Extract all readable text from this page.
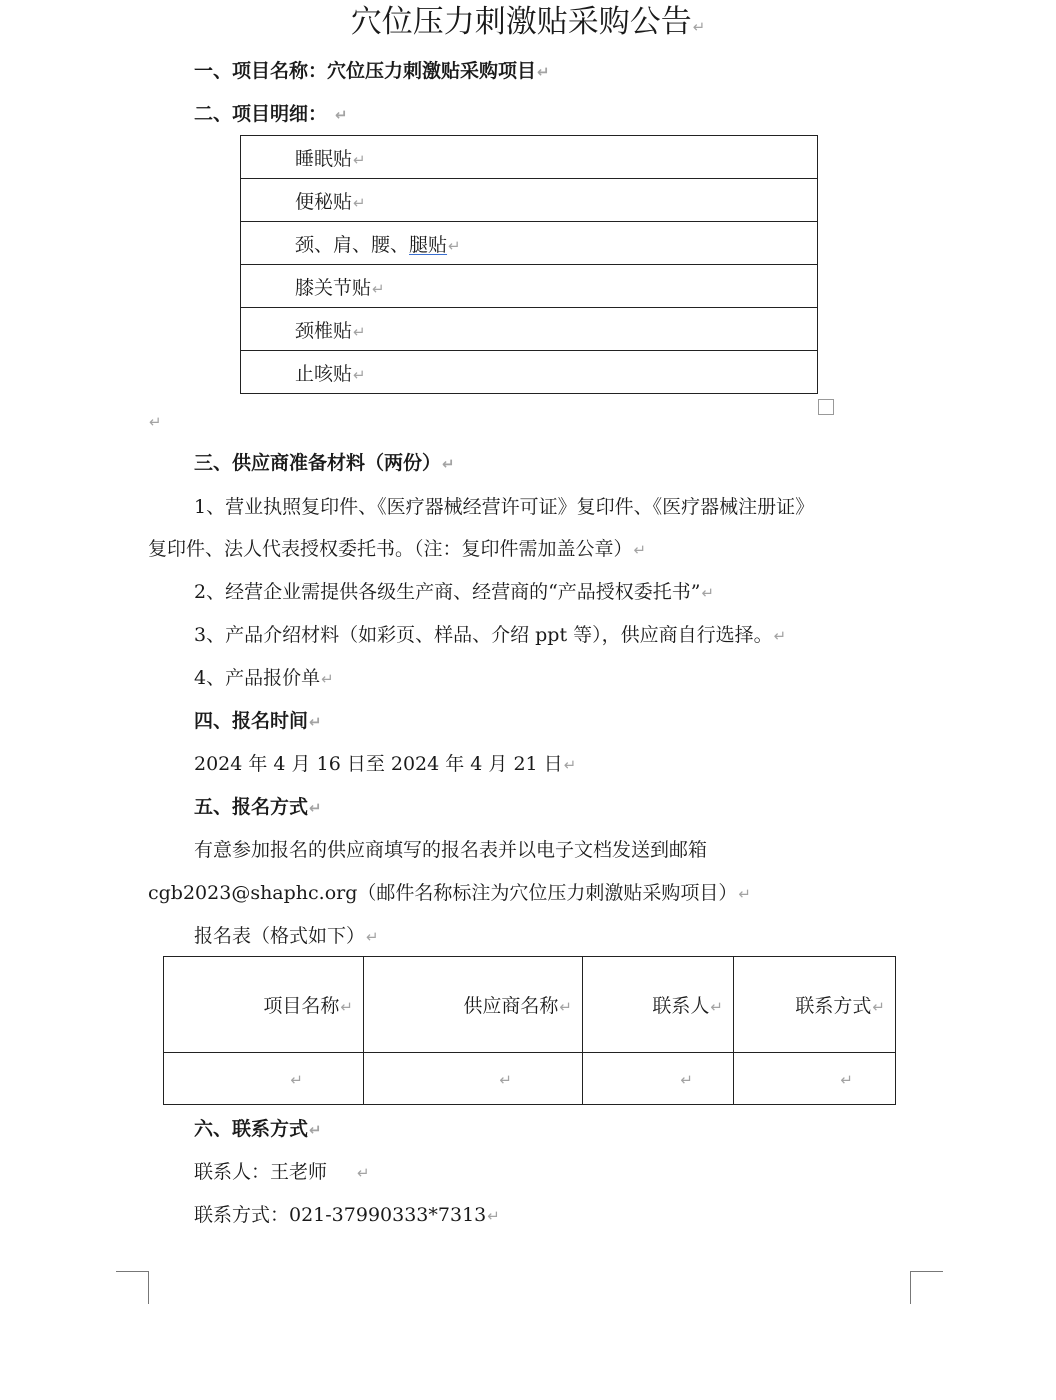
穴位压力刺激贴采购公告↵
一、项目名称：穴位压力刺激贴采购项目↵
二、项目明细： ↵
睡眠贴↵
便秘贴↵
颈、肩、腰、腿贴↵
膝关节贴↵
颈椎贴↵
止咳贴↵
↵
三、供应商准备材料（两份）↵
1、营业执照复印件、《医疗器械经营许可证》复印件、《医疗器械注册证》
复印件、法人代表授权委托书。（注：复印件需加盖公章）↵
2、经营企业需提供各级生产商、经营商的“产品授权委托书”↵
3、产品介绍材料（如彩页、样品、介绍 ppt 等），供应商自行选择。↵
4、产品报价单↵
四、报名时间↵
2024 年 4 月 16 日至 2024 年 4 月 21 日↵
五、报名方式↵
有意参加报名的供应商填写的报名表并以电子文档发送到邮箱
cgb2023@shaphc.org（邮件名称标注为穴位压力刺激贴采购项目）↵
报名表（格式如下）↵
项目名称↵	供应商名称↵	联系人↵	联系方式↵
↵	↵	↵	↵
六、联系方式↵
联系人：王老师 ↵
联系方式：021-37990333*7313↵
